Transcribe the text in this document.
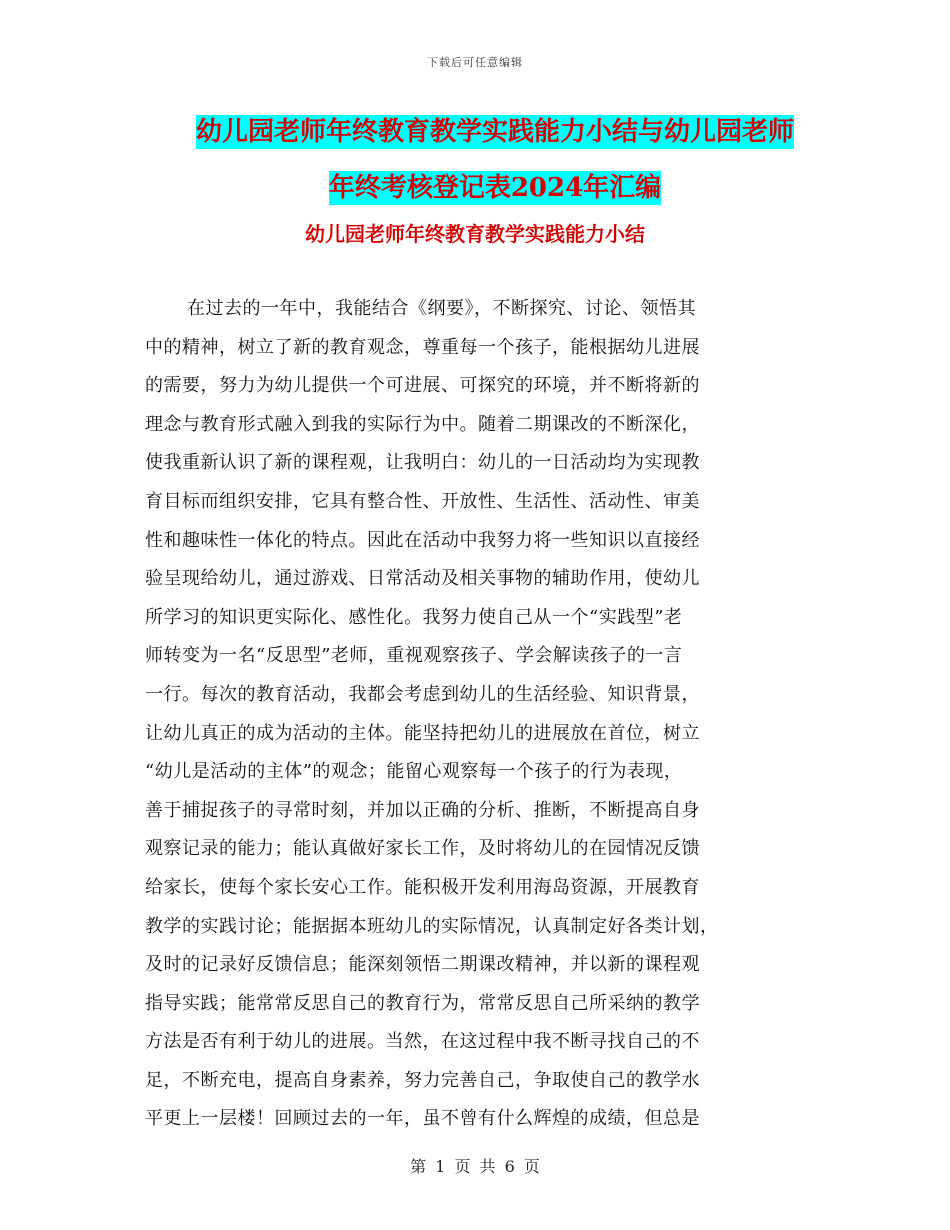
下载后可任意编辑
幼儿园老师年终教育教学实践能力小结与幼儿园老师
年终考核登记表2024年汇编
幼儿园老师年终教育教学实践能力小结
在过去的一年中，我能结合《纲要》，不断探究、讨论、领悟其
中的精神，树立了新的教育观念，尊重每一个孩子，能根据幼儿进展
的需要，努力为幼儿提供一个可进展、可探究的环境，并不断将新的
理念与教育形式融入到我的实际行为中。随着二期课改的不断深化，
使我重新认识了新的课程观，让我明白：幼儿的一日活动均为实现教
育目标而组织安排，它具有整合性、开放性、生活性、活动性、审美
性和趣味性一体化的特点。因此在活动中我努力将一些知识以直接经
验呈现给幼儿，通过游戏、日常活动及相关事物的辅助作用，使幼儿
所学习的知识更实际化、感性化。我努力使自己从一个“实践型”老
师转变为一名“反思型”老师，重视观察孩子、学会解读孩子的一言
一行。每次的教育活动，我都会考虑到幼儿的生活经验、知识背景，
让幼儿真正的成为活动的主体。能坚持把幼儿的进展放在首位，树立
“幼儿是活动的主体”的观念；能留心观察每一个孩子的行为表现，
善于捕捉孩子的寻常时刻，并加以正确的分析、推断，不断提高自身
观察记录的能力；能认真做好家长工作，及时将幼儿的在园情况反馈
给家长，使每个家长安心工作。能积极开发利用海岛资源，开展教育
教学的实践讨论；能据据本班幼儿的实际情况，认真制定好各类计划，
及时的记录好反馈信息；能深刻领悟二期课改精神，并以新的课程观
指导实践；能常常反思自己的教育行为，常常反思自己所采纳的教学
方法是否有利于幼儿的进展。当然，在这过程中我不断寻找自己的不
足，不断充电，提高自身素养，努力完善自己，争取使自己的教学水
平更上一层楼！回顾过去的一年，虽不曾有什么辉煌的成绩，但总是
第 1 页 共 6 页
